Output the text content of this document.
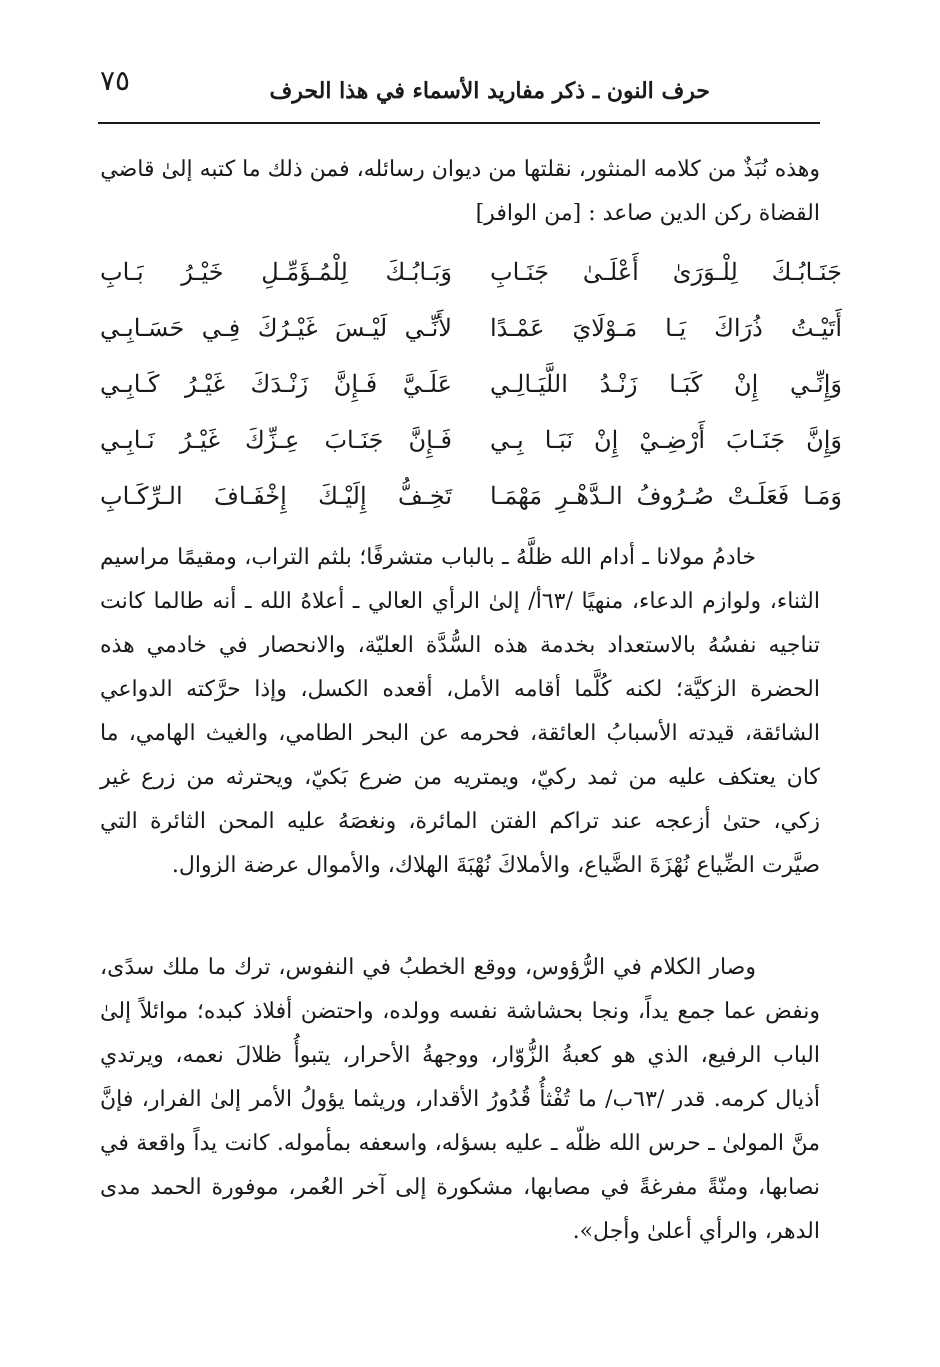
٧٥	حرف النون ـ ذكر مفاريد الأسماء في هذا الحرف

وهذه نُبَذٌ من كلامه المنثور، نقلتها من ديوان رسائله، فمن ذلك ما كتبه إلىٰ قاضي

القضاة ركن الدين صاعد : [من الوافر]

جَنَـابُـكَ لِلْـوَرَىٰ أَعْلَـىٰ جَنَـابِ
وَبَـابُـكَ لِلْمُـؤَمِّـلِ خَيْـرُ بَـابِ
أَتَيْـتُ ذُرَاكَ يَـا مَـوْلَايَ عَمْـدًا
لأَنِّـي لَيْـسَ غَيْـرُكَ فِـي حَسَـابِـي
وَإِنِّـي إِنْ كَبَـا زَنْـدُ اللَّيَـالِـي
عَلَـيَّ فَـإِنَّ زَنْـدَكَ غَيْـرُ كَـابِـي
وَإِنَّ جَنَـابَ أَرْضِـيْ إِنْ نَبَـا بِـي
فَـإِنَّ جَنَـابَ عِـزِّكَ غَيْـرُ نَـابِـي
وَمَـا فَعَلَـتْ صُـرُوفُ الـدَّهْـرِ مَهْمَـا
تَخِـفُّ إِلَيْـكَ إِخْفَـافَ الـرِّكَـابِ

خادمُ مولانا ـ أدام الله ظلَّهُ ـ بالباب متشرفًا؛ بلثم التراب، ومقيمًا مراسيم الثناء، ولوازم الدعاء، منهيًا /٦٣أ/ إلىٰ الرأي العالي ـ أعلاهُ الله ـ أنه طالما كانت تناجيه نفسُهُ بالاستعداد بخدمة هذه السُّدَّة العليّة، والانحصار في خادمي هذه الحضرة الزكيَّة؛ لكنه كُلَّما أقامه الأمل، أقعده الكسل، وإذا حرَّكته الدواعي الشائقة، قيدته الأسبابُ العائقة، فحرمه عن البحر الطامي، والغيث الهامي، ما كان يعتكف عليه من ثمد ركيّ، ويمتريه من ضرع بَكيّ، ويحترثه من زرع غير زكي، حتىٰ أزعجه عند تراكم الفتن المائرة، ونغصَهُ عليه المحن الثائرة التي صيَّرت الضِّياع نُهْزَةَ الضَّياع، والأملاكَ نُهْبَةَ الهلاك، والأموال عرضة الزوال.

وصار الكلام في الرُّؤوس، ووقع الخطبُ في النفوس، ترك ما ملك سدًى، ونفض عما جمع يداً، ونجا بحشاشة نفسه وولده، واحتضن أفلاذ كبده؛ موائلاً إلىٰ الباب الرفيع، الذي هو كعبةُ الزُّوّار، ووجهةُ الأحرار، يتبوأُ ظلالَ نعمه، ويرتدي أذيال كرمه. قدر /٦٣ب/ ما تُفْثأُ قُدُورُ الأقدار، وريثما يؤولُ الأمر إلىٰ الفرار، فإنَّ منَّ المولىٰ ـ حرس الله ظلّه ـ عليه بسؤله، واسعفه بمأموله. كانت يداً واقعة في نصابها، ومنّةً مفرغةً في مصابها، مشكورة إلى آخر العُمر، موفورة الحمد مدى الدهر، والرأي أعلىٰ وأجل».
